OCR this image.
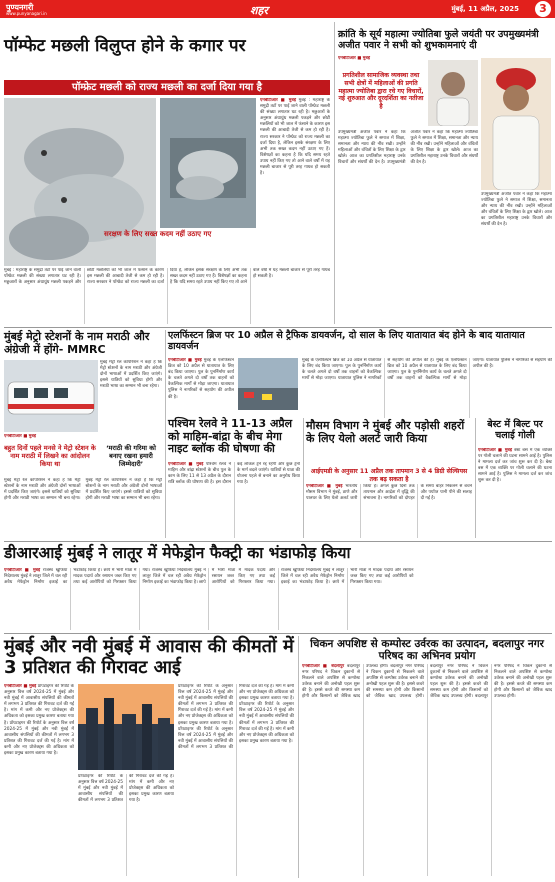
पुण्यनगरी
www.punyanagari.in	शहर	मुंबई, 11 अप्रैल, 2025	3
पॉम्फेट मछली विलुप्त होने के कगार पर
पॉम्फ्रेट मछली को राज्य मछली का दर्जा दिया गया है
एनबीटीआर ■ मुंबई मुंबई : महाराष्ट्र के समुद्री तटों पर पाई जाने वाली पॉम्फ्रेट मछली की संख्या लगातार घट रही है। मछुआरों के अनुसार अंधाधुंध मछली पकड़ने और छोटी मछलियों को भी जाल में फंसाने के कारण इस मछली की आबादी तेजी से कम हो रही है। राज्य सरकार ने पॉम्फ्रेट को राज्य मछली का दर्जा दिया है, लेकिन इसके संरक्षण के लिए अभी तक सख्त कदम नहीं उठाए गए हैं। विशेषज्ञों का कहना है कि यदि समय रहते उपाय नहीं किए गए तो आने वाले वर्षों में यह मछली बाजार से पूरी तरह गायब हो सकती है।
सरक्षण के लिए सख्त कदम नहीं उठाए गए
मुंबई : महाराष्ट्र के समुद्री तटों पर पाई जाने वाली पॉम्फ्रेट मछली की संख्या लगातार घट रही है। मछुआरों के अनुसार अंधाधुंध मछली पकड़ने और छोटी मछलियों को भी जाल में फंसाने के कारण इस मछली की आबादी तेजी से कम हो रही है। राज्य सरकार ने पॉम्फ्रेट को राज्य मछली का दर्जा दिया है, लेकिन इसके संरक्षण के लिए अभी तक सख्त कदम नहीं उठाए गए हैं। विशेषज्ञों का कहना है कि यदि समय रहते उपाय नहीं किए गए तो आने वाले वर्षों में यह मछली बाजार से पूरी तरह गायब हो सकती है।
क्रांति के सूर्य महात्मा ज्योतिबा फुले जयंती पर उपमुख्यमंत्री अजीत पवार ने सभी को शुभकामनाएं दी
एनबीटीआर ■ मुंबई
प्रगतिशील सामाजिक व्यवस्था तथा सभी क्षेत्रों में महिलाओं की प्रगति महात्मा ज्योतिबा द्वारा रचे गए विचारों, नई शुरुआत और दूरदर्शिता का नतीजा है
उपमुख्यमंत्री अजीत पवार ने कहा कि महात्मा ज्योतिबा फुले ने समाज में शिक्षा, समानता और न्याय की नींव रखी। उन्होंने महिलाओं और वंचितों के लिए शिक्षा के द्वार खोले। आज का प्रगतिशील महाराष्ट्र उनके विचारों और संघर्षों की देन है। उपमुख्यमंत्री अजीत पवार ने कहा कि महात्मा ज्योतिबा फुले ने समाज में शिक्षा, समानता और न्याय की नींव रखी। उन्होंने महिलाओं और वंचितों के लिए शिक्षा के द्वार खोले। आज का प्रगतिशील महाराष्ट्र उनके विचारों और संघर्षों की देन है।
उपमुख्यमंत्री अजीत पवार ने कहा कि महात्मा ज्योतिबा फुले ने समाज में शिक्षा, समानता और न्याय की नींव रखी। उन्होंने महिलाओं और वंचितों के लिए शिक्षा के द्वार खोले। आज का प्रगतिशील महाराष्ट्र उनके विचारों और संघर्षों की देन है।
मुंबई मेट्रो स्टेशनों के नाम मराठी और अंग्रेजी में होंगे- MMRC
मुंबई मेट्रो रेल कॉर्पोरेशन ने कहा है कि मेट्रो स्टेशनों के नाम मराठी और अंग्रेजी दोनों भाषाओं में प्रदर्शित किए जाएंगे। इससे यात्रियों को सुविधा होगी और मराठी भाषा का सम्मान भी बना रहेगा।
एनबीटीआर ■ मुंबई
बहुत दिनों पहले मनसे ने मेट्रो स्टेशन के नाम मराठी में लिखने का आंदोलन किया था
‘मराठी की गरिमा को बनाए रखना हमारी जिम्मेदारी’
मुंबई मेट्रो रेल कॉर्पोरेशन ने कहा है कि मेट्रो स्टेशनों के नाम मराठी और अंग्रेजी दोनों भाषाओं में प्रदर्शित किए जाएंगे। इससे यात्रियों को सुविधा होगी और मराठी भाषा का सम्मान भी बना रहेगा। मुंबई मेट्रो रेल कॉर्पोरेशन ने कहा है कि मेट्रो स्टेशनों के नाम मराठी और अंग्रेजी दोनों भाषाओं में प्रदर्शित किए जाएंगे। इससे यात्रियों को सुविधा होगी और मराठी भाषा का सम्मान भी बना रहेगा।
एलफिंस्टन ब्रिज पर 10 अप्रैल से ट्रैफिक डायवर्जन, दो साल के लिए यातायात बंद होने के बाद यातायात डायवर्जन
एनबीटीआर ■ मुंबई मुंबई के एलफिंस्टन ब्रिज को 10 अप्रैल से यातायात के लिए बंद किया जाएगा। पुल के पुनर्निर्माण कार्य के चलते अगले दो वर्षों तक वाहनों को वैकल्पिक मार्गों से मोड़ा जाएगा। यातायात पुलिस ने नागरिकों से सहयोग की अपील की है।
मुंबई के एलफिंस्टन ब्रिज को 10 अप्रैल से यातायात के लिए बंद किया जाएगा। पुल के पुनर्निर्माण कार्य के चलते अगले दो वर्षों तक वाहनों को वैकल्पिक मार्गों से मोड़ा जाएगा। यातायात पुलिस ने नागरिकों से सहयोग की अपील की है। मुंबई के एलफिंस्टन ब्रिज को 10 अप्रैल से यातायात के लिए बंद किया जाएगा। पुल के पुनर्निर्माण कार्य के चलते अगले दो वर्षों तक वाहनों को वैकल्पिक मार्गों से मोड़ा जाएगा। यातायात पुलिस ने नागरिकों से सहयोग की अपील की है।
पश्चिम रेलवे ने 11-13 अप्रैल को माहिम-बांद्रा के बीच मेगा नाइट ब्लॉक की घोषणा की
एनबीटीआर ■ मुंबई पश्चिम रेलवे ने माहिम और बांद्रा स्टेशनों के बीच पुल के काम के लिए 11 से 13 अप्रैल के दौरान रात्रि ब्लॉक की घोषणा की है। इस दौरान कई लोकल ट्रेनें रद्द रहेंगी और कुछ ट्रेनों के मार्ग बदले जाएंगे। यात्रियों से यात्रा की योजना पहले से बनाने का अनुरोध किया गया है।
मौसम विभाग ने मुंबई और पड़ोसी शहरों के लिए येलो अलर्ट जारी किया
आईएमडी के अनुसार 11 अप्रैल तक तापमान 3 से 4 डिग्री सेल्सियस तक बढ़ सकता है
एनबीटीआर ■ मुंबई भारतीय मौसम विभाग ने मुंबई, ठाणे और पालघर के लिए येलो अलर्ट जारी किया है। अगले कुछ दिनों तक तापमान और आर्द्रता में वृद्धि की संभावना है। नागरिकों को दोपहर के समय बाहर निकलने से बचने और पर्याप्त पानी पीने की सलाह दी गई है।
बेस्ट में बिल्ट पर चलाई गोली
एनबीटीआर ■ मुंबई बेस्ट बस में एक व्यक्ति पर गोली चलाने की घटना सामने आई है। पुलिस ने मामला दर्ज कर जांच शुरू कर दी है। बेस्ट बस में एक व्यक्ति पर गोली चलाने की घटना सामने आई है। पुलिस ने मामला दर्ज कर जांच शुरू कर दी है।
डीआरआई मुंबई ने लातूर में मेफेड्रोन फैक्ट्री का भंडाफोड़ किया
एनबीटीआर ■ मुंबई राजस्व खुफिया निदेशालय मुंबई ने लातूर जिले में चल रही अवैध मेफेड्रोन निर्माण इकाई का भंडाफोड़ किया है। छापे में भारी मात्रा में मादक पदार्थ और रसायन जब्त किए गए तथा कई आरोपियों को गिरफ्तार किया गया। राजस्व खुफिया निदेशालय मुंबई ने लातूर जिले में चल रही अवैध मेफेड्रोन निर्माण इकाई का भंडाफोड़ किया है। छापे में भारी मात्रा में मादक पदार्थ और रसायन जब्त किए गए तथा कई आरोपियों को गिरफ्तार किया गया। राजस्व खुफिया निदेशालय मुंबई ने लातूर जिले में चल रही अवैध मेफेड्रोन निर्माण इकाई का भंडाफोड़ किया है। छापे में भारी मात्रा में मादक पदार्थ और रसायन जब्त किए गए तथा कई आरोपियों को गिरफ्तार किया गया।
मुंबई और नवी मुंबई में आवास की कीमतों में 3 प्रतिशत की गिरावट आई
एनबीटीआर ■ मुंबई प्रॉपटाइगर की रिपोर्ट के अनुसार वित्त वर्ष 2024-25 में मुंबई और नवी मुंबई में आवासीय संपत्तियों की कीमतों में लगभग 3 प्रतिशत की गिरावट दर्ज की गई है। मांग में कमी और नए प्रोजेक्ट्स की अधिकता को इसका प्रमुख कारण बताया गया है। प्रॉपटाइगर की रिपोर्ट के अनुसार वित्त वर्ष 2024-25 में मुंबई और नवी मुंबई में आवासीय संपत्तियों की कीमतों में लगभग 3 प्रतिशत की गिरावट दर्ज की गई है। मांग में कमी और नए प्रोजेक्ट्स की अधिकता को इसका प्रमुख कारण बताया गया है।
प्रॉपटाइगर की रिपोर्ट के अनुसार वित्त वर्ष 2024-25 में मुंबई और नवी मुंबई में आवासीय संपत्तियों की कीमतों में लगभग 3 प्रतिशत की गिरावट दर्ज की गई है। मांग में कमी और नए प्रोजेक्ट्स की अधिकता को इसका प्रमुख कारण बताया गया है।
प्रॉपटाइगर की रिपोर्ट के अनुसार वित्त वर्ष 2024-25 में मुंबई और नवी मुंबई में आवासीय संपत्तियों की कीमतों में लगभग 3 प्रतिशत की गिरावट दर्ज की गई है। मांग में कमी और नए प्रोजेक्ट्स की अधिकता को इसका प्रमुख कारण बताया गया है। प्रॉपटाइगर की रिपोर्ट के अनुसार वित्त वर्ष 2024-25 में मुंबई और नवी मुंबई में आवासीय संपत्तियों की कीमतों में लगभग 3 प्रतिशत की गिरावट दर्ज की गई है। मांग में कमी और नए प्रोजेक्ट्स की अधिकता को इसका प्रमुख कारण बताया गया है। प्रॉपटाइगर की रिपोर्ट के अनुसार वित्त वर्ष 2024-25 में मुंबई और नवी मुंबई में आवासीय संपत्तियों की कीमतों में लगभग 3 प्रतिशत की गिरावट दर्ज की गई है। मांग में कमी और नए प्रोजेक्ट्स की अधिकता को इसका प्रमुख कारण बताया गया है।
चिकन अपशिष्ट से कम्पोस्ट उर्वरक का उत्पादन, बदलापुर नगर परिषद का अभिनव प्रयोग
एनबीटीआर ■ बदलापुर बदलापुर नगर परिषद ने चिकन दुकानों से निकलने वाले अपशिष्ट से कम्पोस्ट उर्वरक बनाने की अनोखी पहल शुरू की है। इससे कचरे की समस्या कम होगी और किसानों को जैविक खाद उपलब्ध होगी। बदलापुर नगर परिषद ने चिकन दुकानों से निकलने वाले अपशिष्ट से कम्पोस्ट उर्वरक बनाने की अनोखी पहल शुरू की है। इससे कचरे की समस्या कम होगी और किसानों को जैविक खाद उपलब्ध होगी। बदलापुर नगर परिषद ने चिकन दुकानों से निकलने वाले अपशिष्ट से कम्पोस्ट उर्वरक बनाने की अनोखी पहल शुरू की है। इससे कचरे की समस्या कम होगी और किसानों को जैविक खाद उपलब्ध होगी। बदलापुर नगर परिषद ने चिकन दुकानों से निकलने वाले अपशिष्ट से कम्पोस्ट उर्वरक बनाने की अनोखी पहल शुरू की है। इससे कचरे की समस्या कम होगी और किसानों को जैविक खाद उपलब्ध होगी।
